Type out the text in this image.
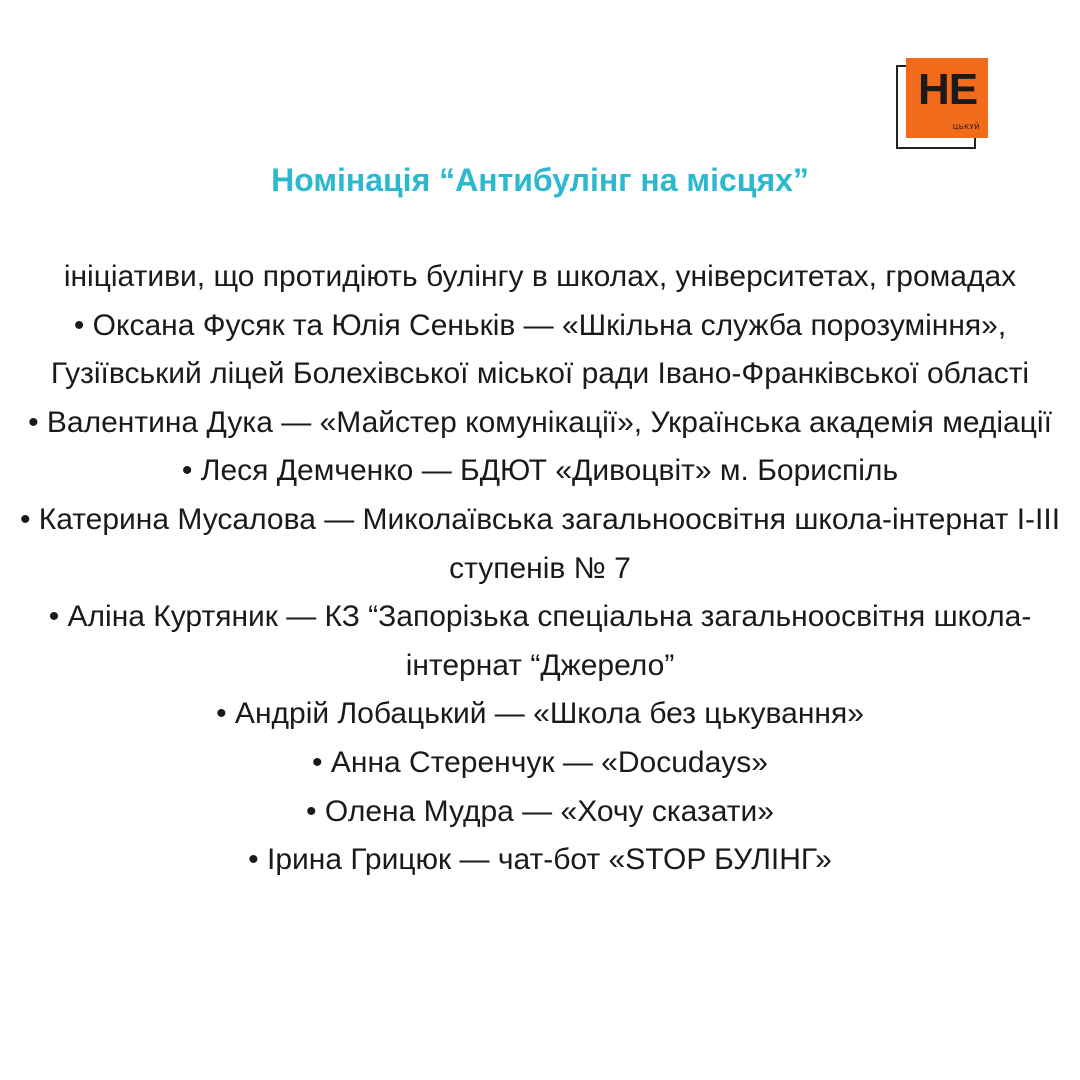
НЕ
ЦЬКУЙ
Номінація “Антибулінг на місцях”

ініціативи, що протидіють булінгу в школах, університетах, громадах

• Оксана Фусяк та Юлія Сеньків — «Шкільна служба порозуміння», Гузіївський ліцей Болехівської міської ради Івано-Франківської області

• Валентина Дука — «Майстер комунікації», Українська академія медіації

• Леся Демченко — БДЮТ «Дивоцвіт» м. Бориспіль

• Катерина Мусалова — Миколаївська загальноосвітня школа-інтернат I-III ступенів № 7

• Аліна Куртяник — КЗ “Запорізька спеціальна загальноосвітня школа-інтернат “Джерело”

• Андрій Лобацький — «Школа без цькування»

• Анна Стеренчук — «Docudays»

• Олена Мудра — «Хочу сказати»

• Ірина Грицюк — чат-бот «STOP БУЛІНГ»
